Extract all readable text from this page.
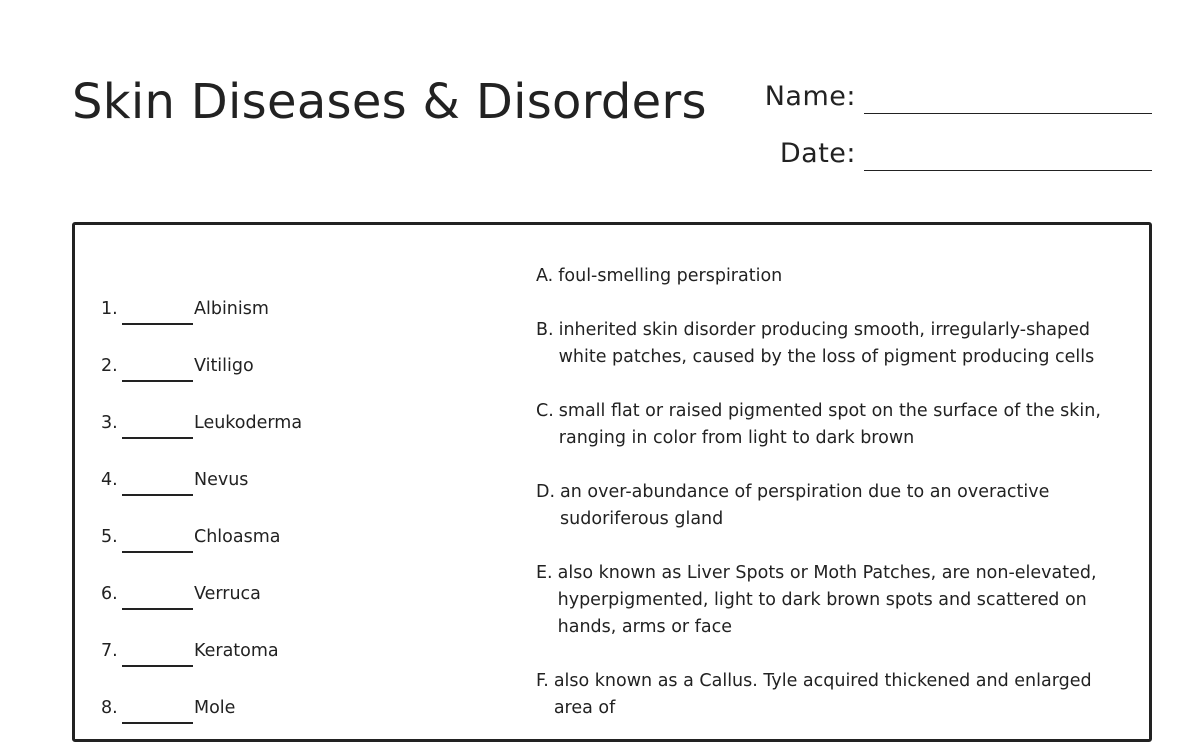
Skin Diseases & Disorders	Name:
Date:
1.	Albinism
2.	Vitiligo
3.	Leukoderma
4.	Nevus
5.	Chloasma
6.	Verruca
7.	Keratoma
8.	Mole
A. foul-smelling perspiration
B. inherited skin disorder producing smooth, irregularly-shaped white patches, caused by the loss of pigment producing cells
C. small flat or raised pigmented spot on the surface of the skin, ranging in color from light to dark brown
D. an over-abundance of perspiration due to an overactive sudoriferous gland
E. also known as Liver Spots or Moth Patches, are non-elevated, hyperpigmented, light to dark brown spots and scattered on hands, arms or face
F. also known as a Callus. Tyle acquired thickened and enlarged area of
